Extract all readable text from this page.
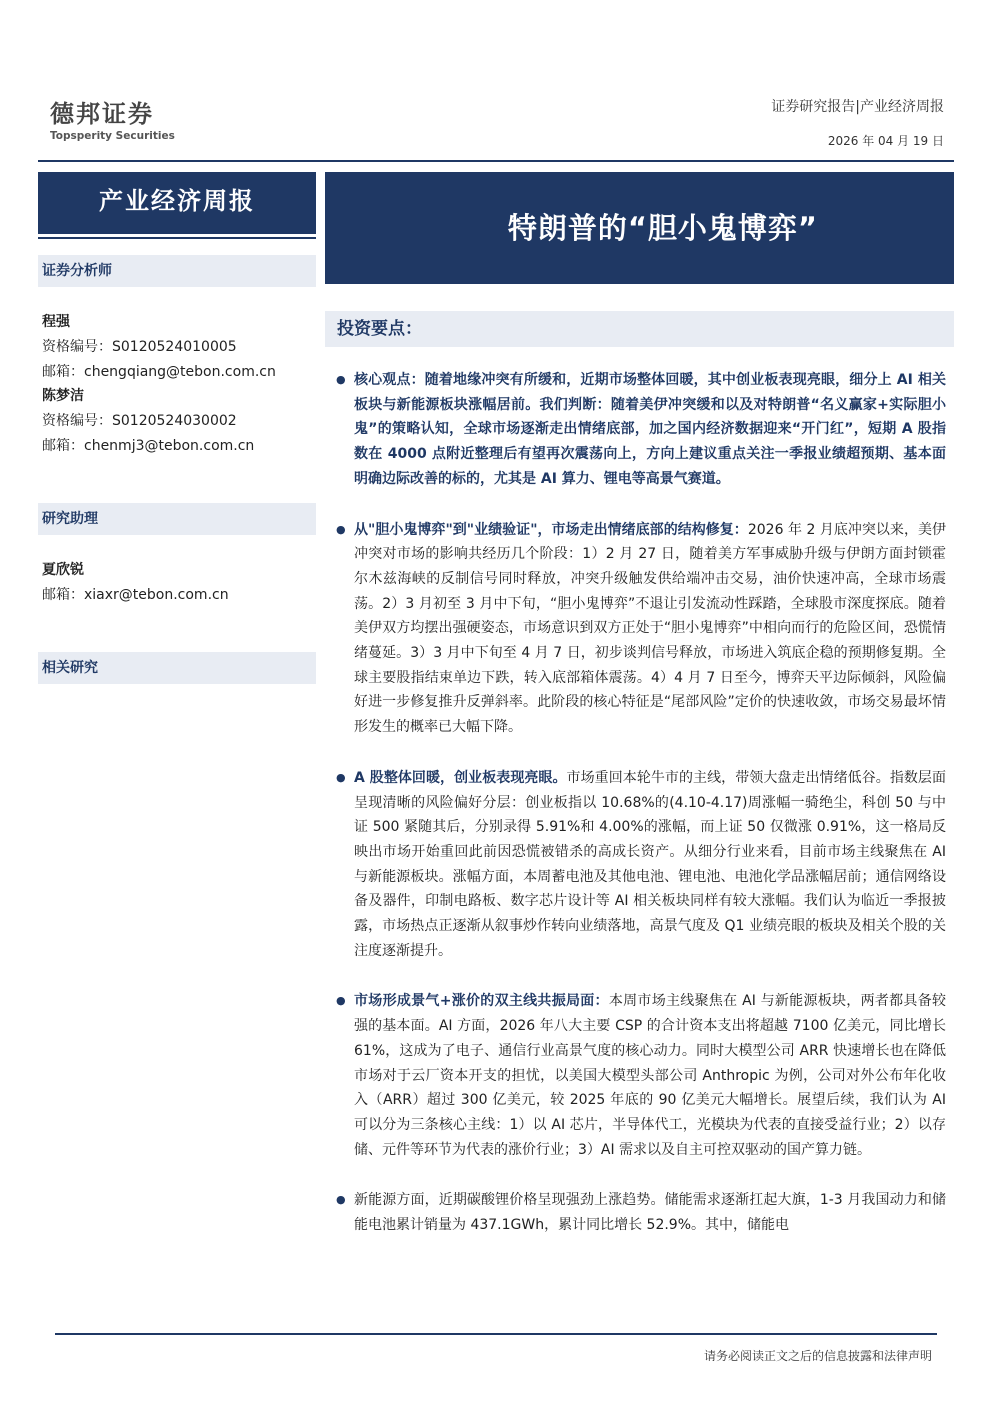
德邦证券
Topsperity Securities
证券研究报告|产业经济周报
2026 年 04 月 19 日
产业经济周报
特朗普的“胆小鬼博弈”
证券分析师
程强
资格编号：S0120524010005
邮箱：chengqiang@tebon.com.cn
陈梦洁
资格编号：S0120524030002
邮箱：chenmj3@tebon.com.cn
研究助理
夏欣锐
邮箱：xiaxr@tebon.com.cn
相关研究
投资要点：
● 核心观点：随着地缘冲突有所缓和，近期市场整体回暖，其中创业板表现亮眼，细分上 AI 相关板块与新能源板块涨幅居前。我们判断：随着美伊冲突缓和以及对特朗普“名义赢家+实际胆小鬼”的策略认知，全球市场逐渐走出情绪底部，加之国内经济数据迎来“开门红”，短期 A 股指数在 4000 点附近整理后有望再次震荡向上，方向上建议重点关注一季报业绩超预期、基本面明确边际改善的标的，尤其是 AI 算力、锂电等高景气赛道。
● 从"胆小鬼博弈"到"业绩验证"，市场走出情绪底部的结构修复：2026 年 2 月底冲突以来，美伊冲突对市场的影响共经历几个阶段：1）2 月 27 日，随着美方军事威胁升级与伊朗方面封锁霍尔木兹海峡的反制信号同时释放，冲突升级触发供给端冲击交易，油价快速冲高，全球市场震荡。2）3 月初至 3 月中下旬，“胆小鬼博弈”不退让引发流动性踩踏，全球股市深度探底。随着美伊双方均摆出强硬姿态，市场意识到双方正处于“胆小鬼博弈”中相向而行的危险区间，恐慌情绪蔓延。3）3 月中下旬至 4 月 7 日，初步谈判信号释放，市场进入筑底企稳的预期修复期。全球主要股指结束单边下跌，转入底部箱体震荡。4）4 月 7 日至今，博弈天平边际倾斜，风险偏好进一步修复推升反弹斜率。此阶段的核心特征是“尾部风险”定价的快速收敛，市场交易最坏情形发生的概率已大幅下降。
● A 股整体回暖，创业板表现亮眼。市场重回本轮牛市的主线，带领大盘走出情绪低谷。指数层面呈现清晰的风险偏好分层：创业板指以 10.68%的(4.10-4.17)周涨幅一骑绝尘，科创 50 与中证 500 紧随其后，分别录得 5.91%和 4.00%的涨幅，而上证 50 仅微涨 0.91%，这一格局反映出市场开始重回此前因恐慌被错杀的高成长资产。从细分行业来看，目前市场主线聚焦在 AI 与新能源板块。涨幅方面，本周蓄电池及其他电池、锂电池、电池化学品涨幅居前；通信网络设备及器件，印制电路板、数字芯片设计等 AI 相关板块同样有较大涨幅。我们认为临近一季报披露，市场热点正逐渐从叙事炒作转向业绩落地，高景气度及 Q1 业绩亮眼的板块及相关个股的关注度逐渐提升。
● 市场形成景气+涨价的双主线共振局面：本周市场主线聚焦在 AI 与新能源板块，两者都具备较强的基本面。AI 方面，2026 年八大主要 CSP 的合计资本支出将超越 7100 亿美元，同比增长 61%，这成为了电子、通信行业高景气度的核心动力。同时大模型公司 ARR 快速增长也在降低市场对于云厂资本开支的担忧，以美国大模型头部公司 Anthropic 为例，公司对外公布年化收入（ARR）超过 300 亿美元，较 2025 年底的 90 亿美元大幅增长。展望后续，我们认为 AI 可以分为三条核心主线：1）以 AI 芯片，半导体代工，光模块为代表的直接受益行业；2）以存储、元件等环节为代表的涨价行业；3）AI 需求以及自主可控双驱动的国产算力链。
● 新能源方面，近期碳酸锂价格呈现强劲上涨趋势。储能需求逐渐扛起大旗，1-3 月我国动力和储能电池累计销量为 437.1GWh，累计同比增长 52.9%。其中，储能电
请务必阅读正文之后的信息披露和法律声明
